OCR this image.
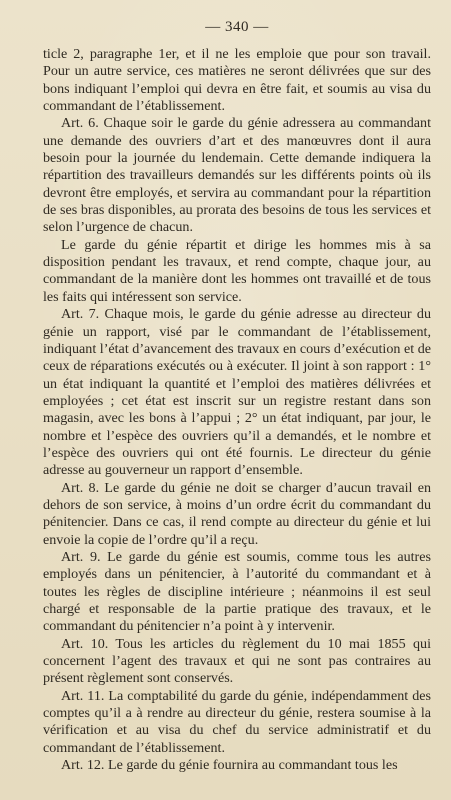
— 340 —

ticle 2, paragraphe 1er, et il ne les emploie que pour son travail. Pour un autre service, ces matières ne seront délivrées que sur des bons indiquant l’emploi qui devra en être fait, et soumis au visa du commandant de l’établissement.

Art. 6. Chaque soir le garde du génie adressera au commandant une demande des ouvriers d’art et des manœuvres dont il aura besoin pour la journée du lendemain. Cette demande indiquera la répartition des travailleurs demandés sur les différents points où ils devront être employés, et servira au commandant pour la répartition de ses bras disponibles, au prorata des besoins de tous les services et selon l’urgence de chacun.

Le garde du génie répartit et dirige les hommes mis à sa disposition pendant les travaux, et rend compte, chaque jour, au commandant de la manière dont les hommes ont travaillé et de tous les faits qui intéressent son service.

Art. 7. Chaque mois, le garde du génie adresse au directeur du génie un rapport, visé par le commandant de l’établissement, indiquant l’état d’avancement des travaux en cours d’exécution et de ceux de réparations exécutés ou à exécuter. Il joint à son rapport : 1° un état indiquant la quantité et l’emploi des matières délivrées et employées ; cet état est inscrit sur un registre restant dans son magasin, avec les bons à l’appui ; 2° un état indiquant, par jour, le nombre et l’espèce des ouvriers qu’il a demandés, et le nombre et l’espèce des ouvriers qui ont été fournis. Le directeur du génie adresse au gouverneur un rapport d’ensemble.

Art. 8. Le garde du génie ne doit se charger d’aucun travail en dehors de son service, à moins d’un ordre écrit du commandant du pénitencier. Dans ce cas, il rend compte au directeur du génie et lui envoie la copie de l’ordre qu’il a reçu.

Art. 9. Le garde du génie est soumis, comme tous les autres employés dans un pénitencier, à l’autorité du commandant et à toutes les règles de discipline intérieure ; néanmoins il est seul chargé et responsable de la partie pratique des travaux, et le commandant du pénitencier n’a point à y intervenir.

Art. 10. Tous les articles du règlement du 10 mai 1855 qui concernent l’agent des travaux et qui ne sont pas contraires au présent règlement sont conservés.

Art. 11. La comptabilité du garde du génie, indépendamment des comptes qu’il a à rendre au directeur du génie, restera soumise à la vérification et au visa du chef du service administratif et du commandant de l’établissement.

Art. 12. Le garde du génie fournira au commandant tous les
